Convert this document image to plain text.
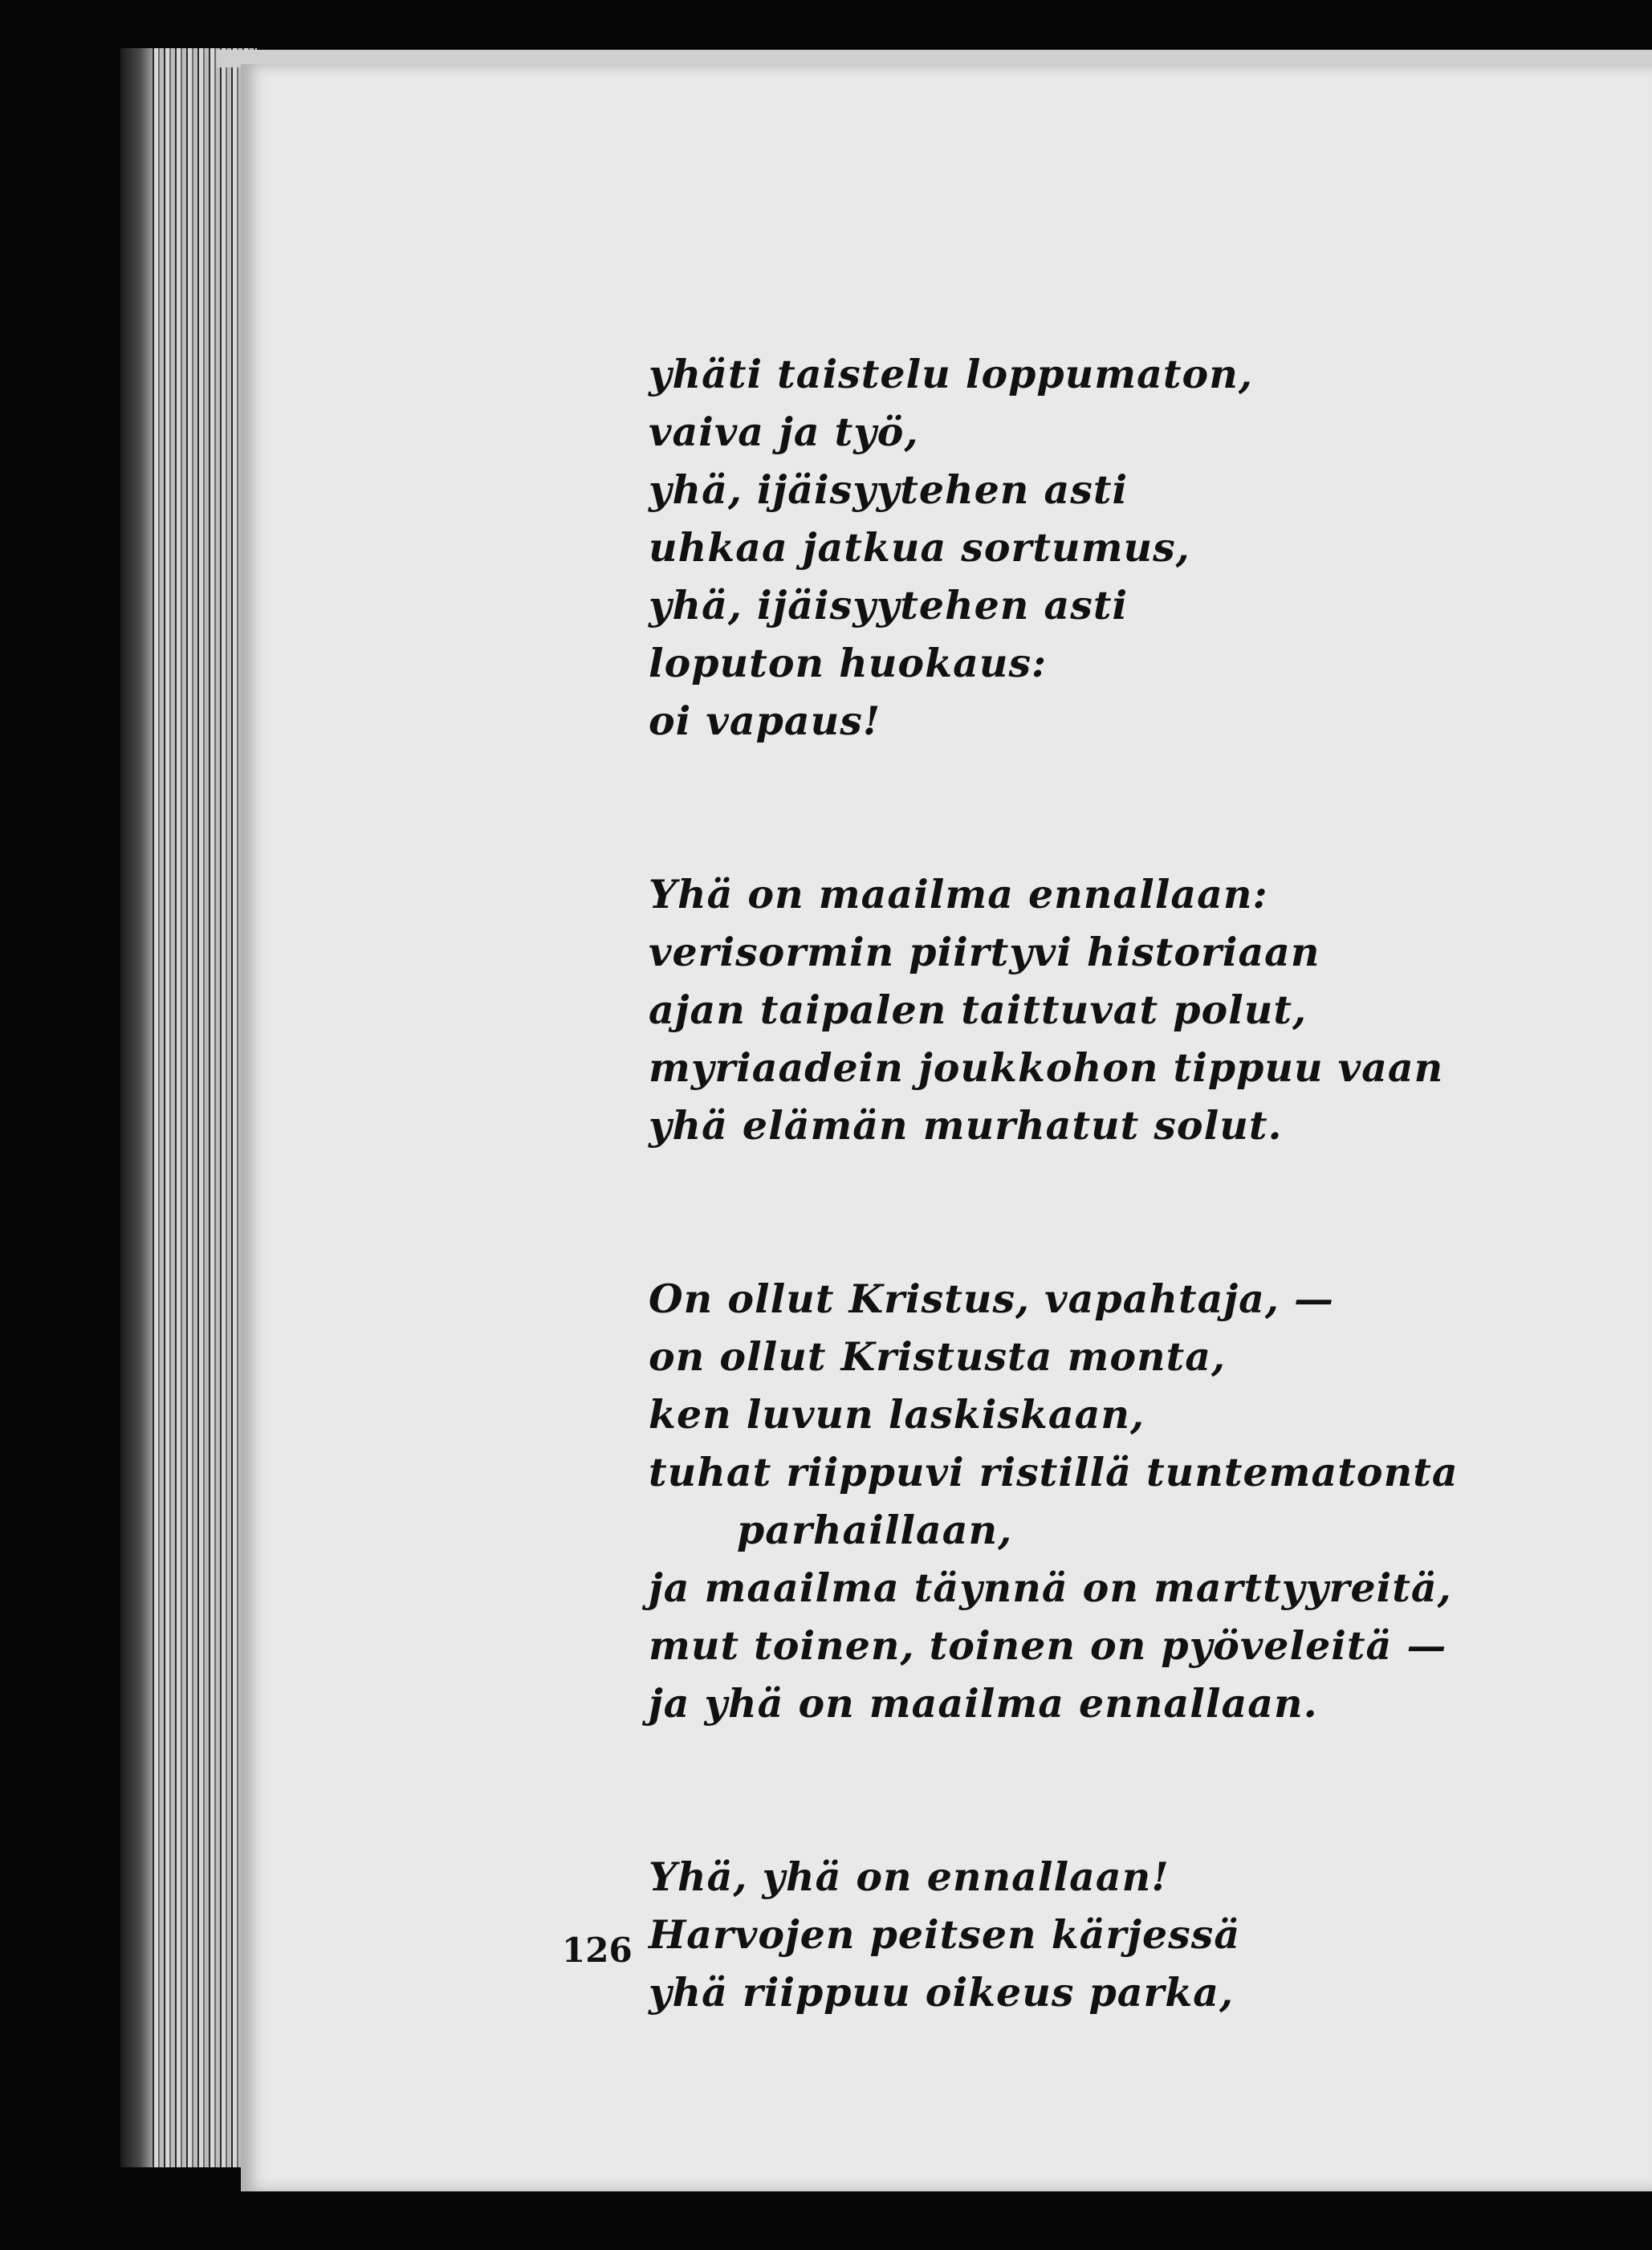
yhäti taistelu loppumaton,
vaiva ja työ,
yhä, ijäisyytehen asti
uhkaa jatkua sortumus,
yhä, ijäisyytehen asti
loputon huokaus:
oi vapaus!
Yhä on maailma ennallaan:
verisormin piirtyvi historiaan
ajan taipalen taittuvat polut,
myriaadein joukkohon tippuu vaan
yhä elämän murhatut solut.
On ollut Kristus, vapahtaja, —
on ollut Kristusta monta,
ken luvun laskiskaan,
tuhat riippuvi ristillä tuntematonta
parhaillaan,
ja maailma täynnä on marttyyreitä,
mut toinen, toinen on pyöveleitä —
ja yhä on maailma ennallaan.
Yhä, yhä on ennallaan!
Harvojen peitsen kärjessä
yhä riippuu oikeus parka,
126
